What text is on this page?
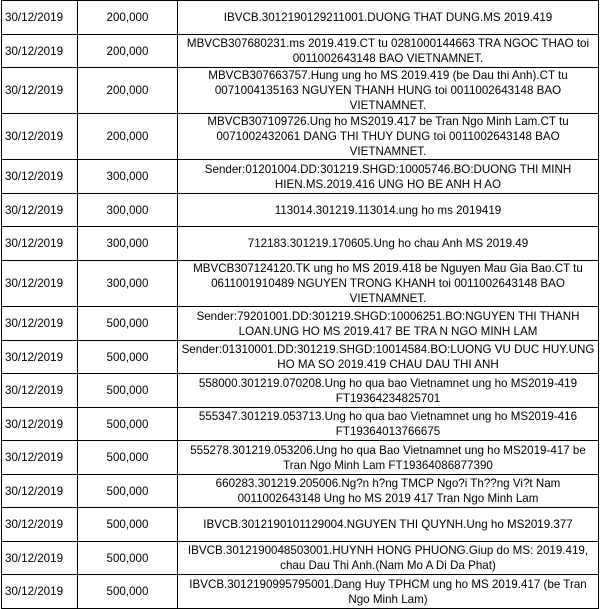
30/12/2019	200,000	IBVCB.3012190129211001.DUONG THAT DUNG.MS 2019.419
30/12/2019	200,000	MBVCB307680231.ms 2019.419.CT tu 0281000144663 TRA NGOC THAO toi 0011002643148 BAO VIETNAMNET.
30/12/2019	200,000	MBVCB307663757.Hung ung ho MS 2019.419 (be Dau thi Anh).CT tu 0071004135163 NGUYEN THANH HUNG toi 0011002643148 BAO VIETNAMNET.
30/12/2019	200,000	MBVCB307109726.Ung ho MS2019.417 be Tran Ngo Minh Lam.CT tu 0071002432061 DANG THI THUY DUNG toi 0011002643148 BAO VIETNAMNET.
30/12/2019	300,000	Sender:01201004.DD:301219.SHGD:10005746.BO:DUONG THI MINH HIEN.MS.2019.416 UNG HO BE ANH H AO
30/12/2019	300,000	113014.301219.113014.ung ho ms 2019419
30/12/2019	300,000	712183.301219.170605.Ung ho chau Anh MS 2019.49
30/12/2019	300,000	MBVCB307124120.TK ung ho MS 2019.418 be Nguyen Mau Gia Bao.CT tu 0611001910489 NGUYEN TRONG KHANH toi 0011002643148 BAO VIETNAMNET.
30/12/2019	500,000	Sender:79201001.DD:301219.SHGD:10006251.BO:NGUYEN THI THANH LOAN.UNG HO MS 2019.417 BE TRA N NGO MINH LAM
30/12/2019	500,000	Sender:01310001.DD:301219.SHGD:10014584.BO:LUONG VU DUC HUY.UNG HO MA SO 2019.419 CHAU DAU THI ANH
30/12/2019	500,000	558000.301219.070208.Ung ho qua bao Vietnamnet ung ho MS2019-419 FT19364234825701
30/12/2019	500,000	555347.301219.053713.Ung ho qua bao Vietnamnet ung ho MS2019-416 FT19364013766675
30/12/2019	500,000	555278.301219.053206.Ung ho qua Bao Vietnamnet ung ho MS2019-417 be Tran Ngo Minh Lam FT19364086877390
30/12/2019	500,000	660283.301219.205006.Ng?n h?ng TMCP Ngo?i Th??ng Vi?t Nam 0011002643148 Ung ho MS 2019 417 Tran Ngo Minh Lam
30/12/2019	500,000	IBVCB.3012190101129004.NGUYEN THI QUYNH.Ung ho MS2019.377
30/12/2019	500,000	IBVCB.3012190048503001.HUYNH HONG PHUONG.Giup do MS: 2019.419, chau Dau Thi Anh.(Nam Mo A Di Da Phat)
30/12/2019	500,000	IBVCB.3012190995795001.Dang Huy TPHCM ung ho MS 2019.417 (be Tran Ngo Minh Lam)
